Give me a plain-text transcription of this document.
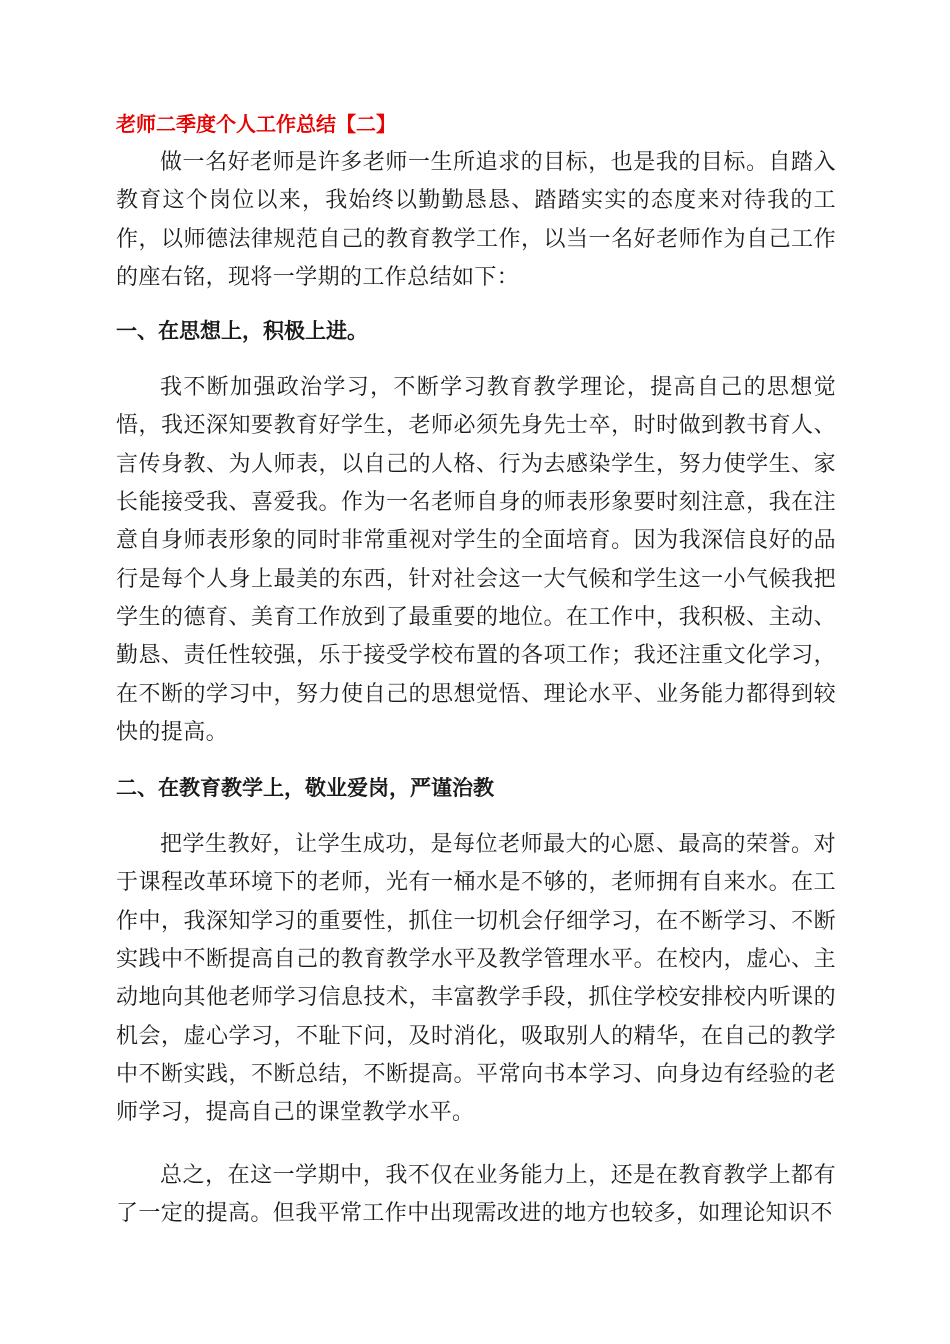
老师二季度个人工作总结【二】

做一名好老师是许多老师一生所追求的目标，也是我的目标。自踏入教育这个岗位以来，我始终以勤勤恳恳、踏踏实实的态度来对待我的工作，以师德法律规范自己的教育教学工作，以当一名好老师作为自己工作的座右铭，现将一学期的工作总结如下：

一、在思想上，积极上进。

我不断加强政治学习，不断学习教育教学理论，提高自己的思想觉悟，我还深知要教育好学生，老师必须先身先士卒，时时做到教书育人、言传身教、为人师表，以自己的人格、行为去感染学生，努力使学生、家长能接受我、喜爱我。作为一名老师自身的师表形象要时刻注意，我在注意自身师表形象的同时非常重视对学生的全面培育。因为我深信良好的品行是每个人身上最美的东西，针对社会这一大气候和学生这一小气候我把学生的德育、美育工作放到了最重要的地位。在工作中，我积极、主动、勤恳、责任性较强，乐于接受学校布置的各项工作；我还注重文化学习，在不断的学习中，努力使自己的思想觉悟、理论水平、业务能力都得到较快的提高。

二、在教育教学上，敬业爱岗，严谨治教

把学生教好，让学生成功，是每位老师最大的心愿、最高的荣誉。对于课程改革环境下的老师，光有一桶水是不够的，老师拥有自来水。在工作中，我深知学习的重要性，抓住一切机会仔细学习，在不断学习、不断实践中不断提高自己的教育教学水平及教学管理水平。在校内，虚心、主动地向其他老师学习信息技术，丰富教学手段，抓住学校安排校内听课的机会，虚心学习，不耻下问，及时消化，吸取别人的精华，在自己的教学中不断实践，不断总结，不断提高。平常向书本学习、向身边有经验的老师学习，提高自己的课堂教学水平。

总之，在这一学期中，我不仅在业务能力上，还是在教育教学上都有了一定的提高。但我平常工作中出现需改进的地方也较多，如理论知识不
